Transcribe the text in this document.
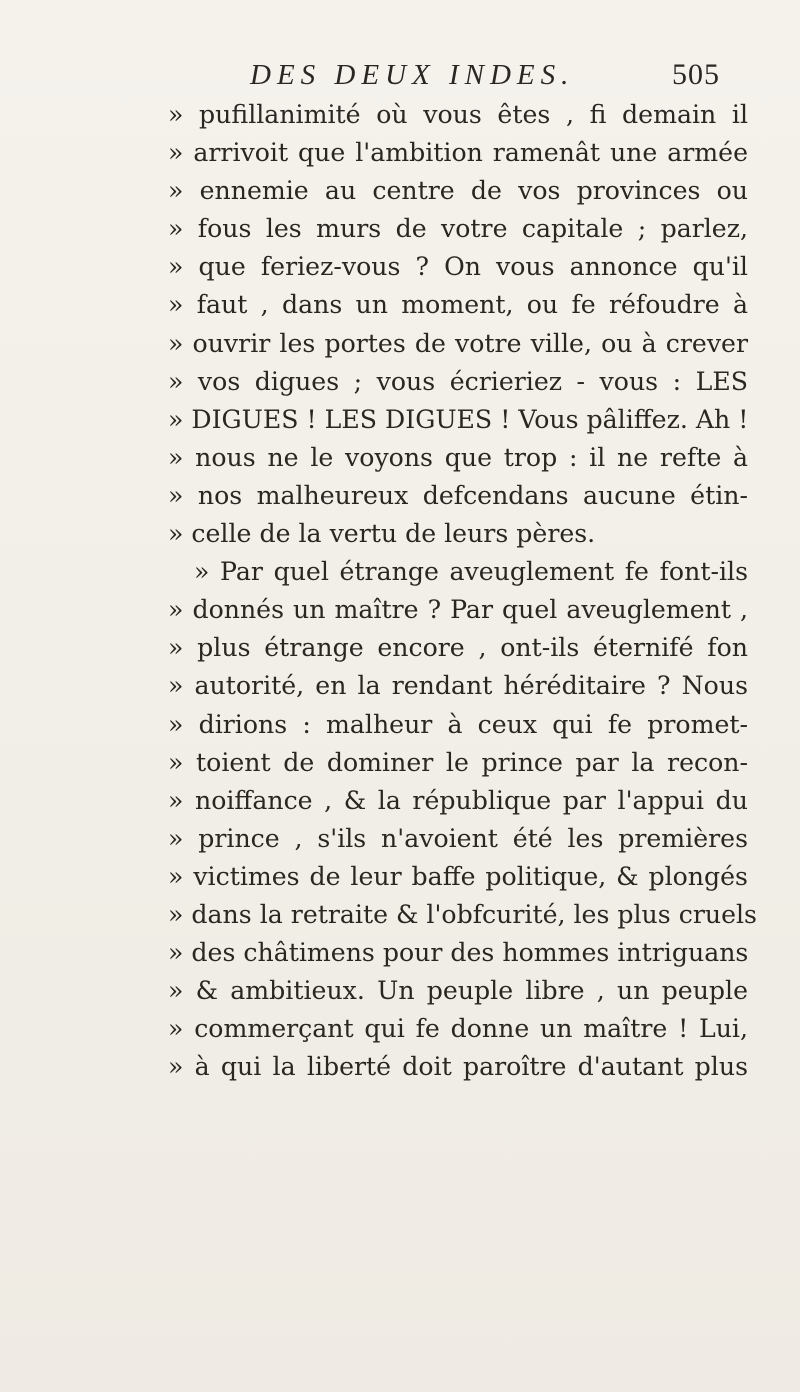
DES DEUX INDES.	505
» pufillanimité où vous êtes , fi demain il
» arrivoit que l'ambition ramenât une armée
» ennemie au centre de vos provinces ou
» fous les murs de votre capitale ; parlez,
» que feriez-vous ? On vous annonce qu'il
» faut , dans un moment, ou fe réfoudre à
» ouvrir les portes de votre ville, ou à crever
» vos digues ; vous écrieriez - vous : LES
» DIGUES ! LES DIGUES ! Vous pâliffez. Ah !
» nous ne le voyons que trop : il ne refte à
» nos malheureux defcendans aucune étin-
» celle de la vertu de leurs pères.
» Par quel étrange aveuglement fe font-ils
» donnés un maître ? Par quel aveuglement ,
» plus étrange encore , ont-ils éternifé fon
» autorité, en la rendant héréditaire ? Nous
» dirions : malheur à ceux qui fe promet-
» toient de dominer le prince par la recon-
» noiffance , & la république par l'appui du
» prince , s'ils n'avoient été les premières
» victimes de leur baffe politique, & plongés
» dans la retraite & l'obfcurité, les plus cruels
» des châtimens pour des hommes intriguans
» & ambitieux. Un peuple libre , un peuple
» commerçant qui fe donne un maître ! Lui,
» à qui la liberté doit paroître d'autant plus
